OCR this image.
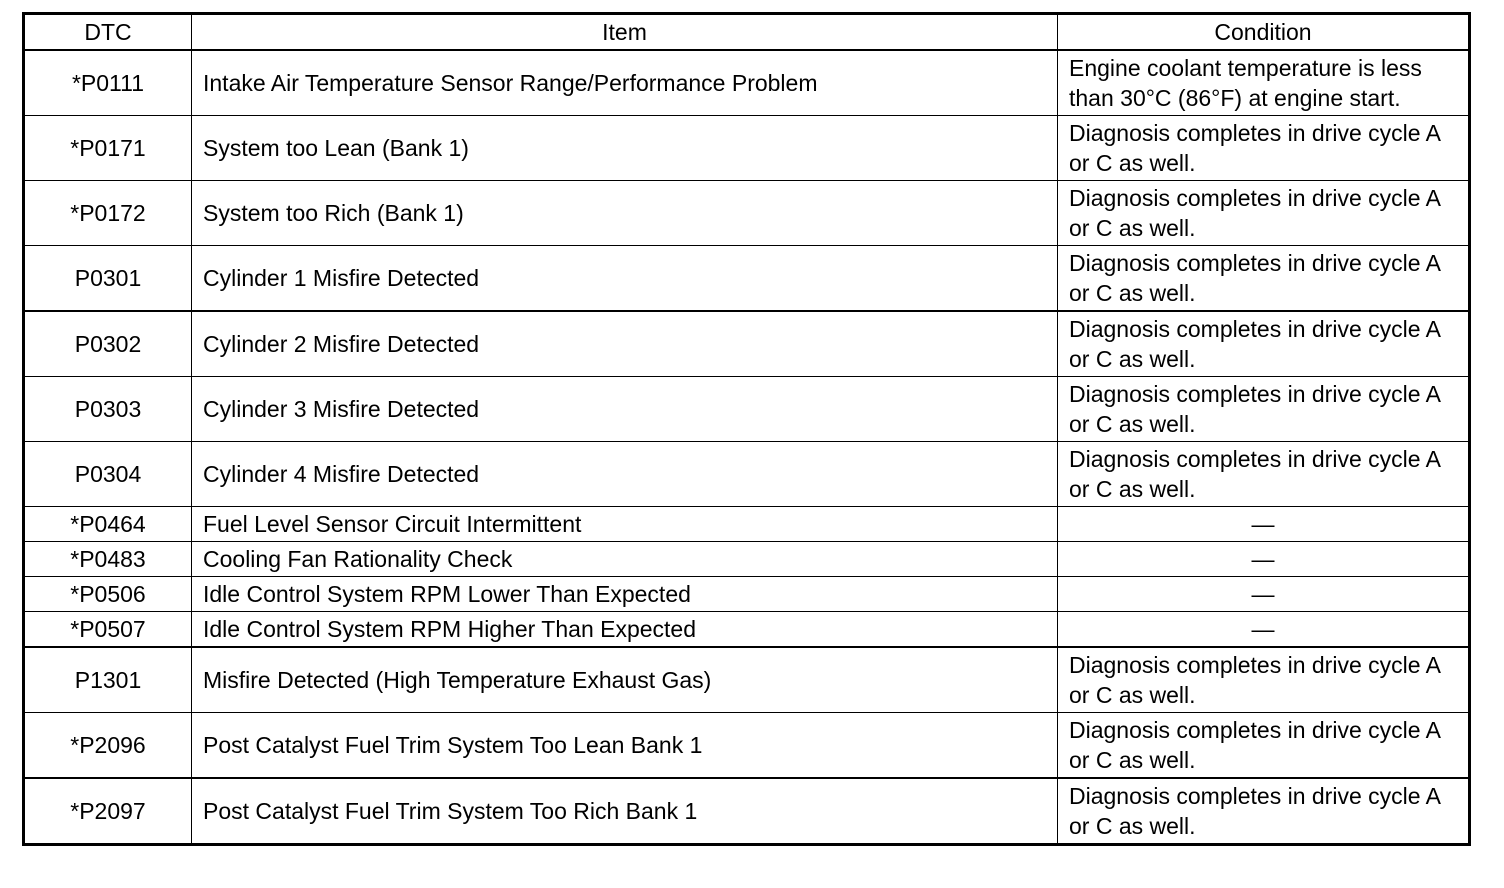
DTC	Item	Condition
*P0111	Intake Air Temperature Sensor Range/Performance Problem	Engine coolant temperature is less than 30°C (86°F) at engine start.
*P0171	System too Lean (Bank 1)	Diagnosis completes in drive cycle A or C as well.
*P0172	System too Rich (Bank 1)	Diagnosis completes in drive cycle A or C as well.
P0301	Cylinder 1 Misfire Detected	Diagnosis completes in drive cycle A or C as well.
P0302	Cylinder 2 Misfire Detected	Diagnosis completes in drive cycle A or C as well.
P0303	Cylinder 3 Misfire Detected	Diagnosis completes in drive cycle A or C as well.
P0304	Cylinder 4 Misfire Detected	Diagnosis completes in drive cycle A or C as well.
*P0464	Fuel Level Sensor Circuit Intermittent	—
*P0483	Cooling Fan Rationality Check	—
*P0506	Idle Control System RPM Lower Than Expected	—
*P0507	Idle Control System RPM Higher Than Expected	—
P1301	Misfire Detected (High Temperature Exhaust Gas)	Diagnosis completes in drive cycle A or C as well.
*P2096	Post Catalyst Fuel Trim System Too Lean Bank 1	Diagnosis completes in drive cycle A or C as well.
*P2097	Post Catalyst Fuel Trim System Too Rich Bank 1	Diagnosis completes in drive cycle A or C as well.
